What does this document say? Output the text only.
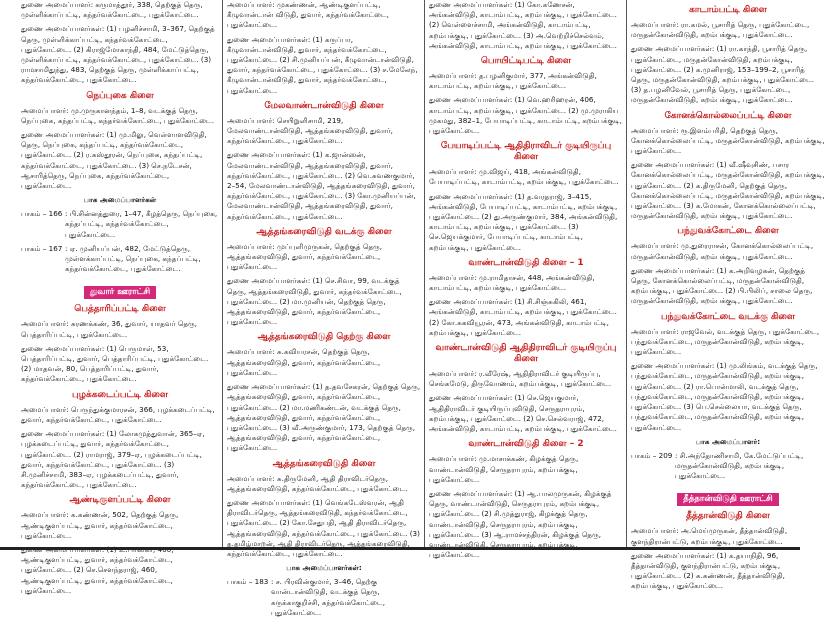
துணை அமைப்பாளர்: கருமாத்தூர், 338, தெற்குத் தெரு, முள்ளிக்காப்பட்டி, கந்தர்வக்கோட்டை, புதுக்கோட்டை.

துணை அமைப்பாளர்கள்: (1) பழனிச்சாமி, 3–367, தெற்குத் தெரு, முள்ளிக்காப்பட்டி, கந்தர்வக்கோட்டை, புதுக்கோட்டை. (2) கிராஜ்மோகாந்தி, 484, மேட்டுத்தெரு, முள்ளிக்காப்பட்டி, கந்தர்வக்கோட்டை, புதுக்கோட்டை. (3) ராமசாமிதுந்து, 483, தெற்குத் தெரு, முள்ளிக்காப்பட்டி, கந்தர்வக்கோட்டை, புதுக்கோட்டை.

நெப்புகை கிளை

அமைப்பாளர்: மு.முருகானந்தம், 1–8, வடக்குத் தெரு, நெப்புகை, கந்தப்பட்டி, கந்தர்வக்கோட்டை, புதுக்கோட்டை.

துணை அமைப்பாளர்கள்: (1) மு.மிலு, வெள்ளாளவிடுதி, தெரு, நெப்புகை, கந்தப்பட்டி, கந்தர்வக்கோட்டை, புதுக்கோட்டை. (2) ர.கஸ்தூரன், நெப்புகை, கந்தப்பட்டி, கந்தர்வக்கோட்டை, புதுக்கோட்டை. (3) செ.நடேசன், ஆசாரித்தெரு, நெப்புகை, கந்தர்வக்கோட்டை, புதுக்கோட்டை.

பாக அமைப்பாளர்கள்
பாகம் – 166 : பி.சின்னத்துரை, 1–47, கீழத்தெரு, நெப்புகை, கந்தப்பட்டி, கந்தர்வக்கோட்டை, புதுக்கோட்டை.
பாகம் – 167 : ஏ. முனியப்பன், 482, மேட்டுத்தெரு, முள்ளக்காப்பட்டி, நெப்புகை, கந்தப்பட்டி, கந்தர்வக்கோட்டை, புதுக்கோட்டை.
துவார் ஊராட்சி
பெத்தாரிப்பட்டி கிளை

அமைப்பாளர்: சுரணக்கண், 36, துவார், யாதவர் தெரு, பெத்தாரிப்பட்டி, புதுக்கோட்டை.

துணை அமைப்பாளர்கள்: (1) பெருமாள், 53, பெத்தாரிப்பட்டி, துவார், பெத்தாரிப்பட்டி, புதுக்கோட்டை. (2) மாதவன், 80, பெத்தாரிப்பட்டி, துவார், கந்தர்வக்கோட்டை, புதுக்கோட்டை.

புழக்கடைப்பட்டி கிளை

அமைப்பாளர்: பெருந்துக்குமாரசன், 366, புழக்கடைப்பட்டி, துவார், கந்தர்வக்கோட்டை, புதுக்கோட்டை.

துணை அமைப்பாளர்கள்: (1) லோகமுத்துவான், 365–ஏ, புழக்கடைப்பட்டி, துவார், கந்தர்வக்கோட்டை, புதுக்கோட்டை. (2) ராமராஜ், 379–ஏ, புழக்கடைப்பட்டி, துவார், கந்தர்வக்கோட்டை, புதுக்கோட்டை. (3) சி.முனிச்சாமி, 383–ஏ, புழக்கடைப்பட்டி, துவார், கந்தர்வக்கோட்டை, புதுக்கோட்டை.

ஆண்டிகுளப்பட்டி கிளை

அமைப்பாளர்: க.கண்ணன், 502, தெற்குத் தெரு, ஆண்டிகுளப்பட்டி, துவார், கந்தர்வக்கோட்டை, புதுக்கோட்டை.

துணை அமைப்பாளர்கள்: (1) உ.பாஸ்கர், 400, ஆண்டிகுளப்பட்டி, துவார், கந்தர்வக்கோட்டை, புதுக்கோட்டை. (2) செ.செளந்தராஜ், 460, ஆண்டிகுளப்பட்டி, துவார், கந்தர்வக்கோட்டை, புதுக்கோட்டை.

அமைப்பாளர்: முகண்ணன், ஆண்டிகுளப்பட்டி, கீழுவான்டான் விடுதி, துவார், கந்தர்வக்கோட்டை, புதுக்கோட்டை.

துணை அமைப்பாளர்கள்: (1) கருப்பா, கீழுவான்டான்விடுதி, துவார், கந்தர்வக்கோட்டை, புதுக்கோட்டை. (2) சி.முனியப்பன், கீழுவான்டான்விடுதி, துவார், கந்தர்வக்கோட்டை, புதுக்கோட்டை. (3) ச.மேலேந், கீழுவான்டான்விடுதி, துவார், கந்தர்வக்கோட்டை, புதுக்கோட்டை.

மேலவாண்டான்விடுதி கிளை

அமைப்பாளர்: செயிறுளிசாமி, 219, மேலவாண்டான்விடுதி, ஆத்தங்கரைவிடுதி, துவார், கந்தர்வக்கோட்டை, புதுக்கோட்டை.

துணை அமைப்பாளர்கள்: (1) க.ஜான்ஸன், மேலவாண்டான்விடுதி, ஆத்தங்கரைவிடுதி, துவார், கந்தர்வக்கோட்டை, புதுக்கோட்டை. (2) வெ.சுவணகுமார், 2–54, மேலவாண்டான்விடுதி, ஆத்தங்கரைவிடுதி, துவார், கந்தர்வக்கோட்டை, புதுக்கோட்டை. (3) கோ.முனியப்பன், மேலவாண்டான்விடுதி, ஆத்தங்கரைவிடுதி, துவார், கந்தர்வக்கோட்டை, புதுக்கோட்டை.

ஆத்தங்கரைவிடுதி வடக்கு கிளை

அமைப்பாளர்: முப்புளிமுருகன், தெற்குத் தெரு, ஆத்தங்கரைவிடுதி, துவார், கந்தர்வக்கோட்டை, புதுக்கோட்டை.

துணை அமைப்பாளர்கள்: (1) செ.சிவா, 99, வடக்குத் தெரு, ஆத்தங்கரைவிடுதி, துவார், கந்தர்வக்கோட்டை, புதுக்கோட்டை. (2) மா.முனியன், தெற்குத் தெரு, ஆத்தங்கரைவிடுதி, துவார், கந்தர்வக்கோட்டை, புதுக்கோட்டை.

ஆத்தங்கரைவிடுதி தெற்கு கிளை

அமைப்பாளர்: சு.கவியரசன், தெற்குத் தெரு, ஆத்தங்கரைவிடுதி, துவார், கந்தர்வக்கோட்டை, புதுக்கோட்டை.

துணை அமைப்பாளர்கள்: (1) த.தவசேகரன், தெற்குத் தெரு, ஆத்தங்கரைவிடுதி, துவார், கந்தர்வக்கோட்டை, புதுக்கோட்டை. (2) மா.மணிகண்டன், வடக்குத் தெரு, ஆத்தங்கரைவிடுதி, துவார், கந்தர்வக்கோட்டை, புதுக்கோட்டை. (3) வீ.அருண்குமார், 173, தெற்குத் தெரு, ஆத்தங்கரைவிடுதி, துவார், கந்தர்வக்கோட்டை, புதுக்கோட்டை.

ஆத்தங்கரைவிடுதி கிளை

அமைப்பாளர்: சு.திருமேனி, ஆதி திராவிடர்தெரு, ஆத்தங்கரைவிடுதி, கந்தர்வக்கோட்டை, புதுக்கோட்டை.

துணை அமைப்பாளர்கள்: (1) வெங்கடேஸ்வரன், ஆதி திராவிடர்தெரு, ஆத்தங்கரைவிடுதி, கந்தர்வக்கோட்டை, புதுக்கோட்டை. (2) கோ.சேதுபதி, ஆதி திராவிடர்தெரு, ஆத்தங்கரைவிடுதி, கந்தர்வக்கோட்டை, புதுக்கோட்டை. (3) த.தமிழ்மாறன், ஆதி திராவிடர்தெரு, ஆத்தங்கரைவிடுதி, கந்தர்வக்கோட்டை, புதுக்கோட்டை.

பாக அமைப்பாளர்கள்:
பாகம் – 183 : ச. பிரவின்குமார், 3–46, தெற்கு வான்டான்விடுதி, வடக்குத் தெரு, கருக்காகுறிச்சி, கந்தர்வக்கோட்டை, புதுக்கோட்டை.

துணை அமைப்பாளர்கள்: (1) கோ.கணேசன், அங்கன்விடுதி, காடாம்பட்டி, கறம்பக்குடி, புதுக்கோட்டை. (2) வெள்ளைச்சாமி, அங்கன்விடுதி, காடாம்பட்டி, கறம்பக்குடி, புதுக்கோட்டை. (3) அ.வெற்றிச்செல்வம், அங்கன்விடுதி, காடாம்பட்டி, கறம்பக்குடி, புதுக்கோட்டை.

பொயிட்டிபட்டி கிளை

அமைப்பாளர்: த.பழனிகுமார், 377, அங்கன்விடுதி, காடாம்பட்டி, கறம்பக்குடி, புதுக்கோட்டை.

துணை அமைப்பாளர்கள்: (1) வெ.ஹரிஹரன், 406, காடாம்பட்டி, கறம்பக்குடி, புதுக்கோட்டை. (2) மு.முராகிய முகமது, 382–1, பேயாடிப்பட்டி, காடாம்பட்டி, கறம்பக்குடி, புதுக்கோட்டை.

பேயாடிப்பட்டி ஆதிதிராவிடர் குடியிருப்பு கிளை

அமைப்பாளர்: மு.விஜய், 418, அங்கன்விடுதி, பேயாடிப்பட்டி, காடாம்பட்டி, கறம்பக்குடி, புதுக்கோட்டை.

துணை அமைப்பாளர்கள்: (1) த.வரதராஜ், 3–415, அங்கன்விடுதி, பேயாடிப்பட்டி, காடாம்பட்டி, கறம்பக்குடி, புதுக்கோட்டை. (2) து.அருண்குமார், 384, அங்கன்விடுதி, காடாம்பட்டி, கறம்பக்குடி, புதுக்கோட்டை. (3) செ.ஜெயக்குமார், பேயாடிப்பட்டி, காடாம்பட்டி, கறம்பக்குடி, புதுக்கோட்டை.

வாண்டான்விடுதி கிளை – 1

அமைப்பாளர்: மு.ராமிதாசன், 448, அங்கன்விடுதி, காடாம்பட்டி, கறம்பக்குடி, புதுக்கோட்டை.

துணை அமைப்பாளர்கள்: (1) சி.சிஞ்சுகிலி, 461, அங்கன்விடுதி, காடாம்பட்டி, கறம்பக்குடி, புதுக்கோட்டை. (2) கோ.சுகவியூரன், 473, அங்கன்விடுதி, காடாம்பட்டி, கறம்பக்குடி, புதுக்கோட்டை.

வாண்டான்விடுதி ஆதிதிராவிடர் குடியிருப்பு கிளை

அமைப்பாளர்: ர.வீரேஷ், ஆதிதிராவிடர் குடியிருப்பு, செங்கமேடு, திருவோணம், கறம்பக்குடி, புதுக்கோட்டை.

துணை அமைப்பாளர்கள்: (1) செ.ஜெயகுமார், ஆதிதிராவிடர் குடியிருப்புவிடுதி, செருதராபுரம், கறம்பக்குடி, புதுக்கோட்டை. (2) செ.செல்வராஜ், 472, அங்கன்விடுதி, காடாம்பட்டி, கறம்பக்குடி, புதுக்கோட்டை.

வாண்டான்விடுதி கிளை – 2

அமைப்பாளர்: மு.மாசாக்கண், கிழக்குத் தெரு, வாண்டான்விடுதி, செருதராபுரம், கறம்பக்குடி, புதுக்கோட்டை.

துணை அமைப்பாளர்கள்: (1) ஆ.பாலமுருகன், கிழக்குத் தெரு, வாண்டான்விடுதி, செருதராபுரம், கறம்பக்குடி, புதுக்கோட்டை. (2) சி.முத்துராஜ், கிழக்குத் தெரு, வாண்டான்விடுதி, செருதராபுரம், கறம்பக்குடி, புதுக்கோட்டை. (3) ஆ.ராமச்சந்திரன், கிழக்குத் தெரு, வாண்டான்விடுதி, செருதராபுரம், கறம்பக்குடி, புதுக்கோட்டை.

காடாம்பட்டி கிளை

அமைப்பாளர்: ரா.கமல், பூசாரித் தெரு, புதுக்கோட்டை, மருதன்கோன்விடுதி, கறம்பக்குடி, புதுக்கோட்டை.

துணை அமைப்பாளர்கள்: (1) ரா.காந்தி, பூசாரித் தெரு, புதுக்கோட்டை, மருதன்கோன்விடுதி, கறம்பக்குடி, புதுக்கோட்டை. (2) க.முனிராஜ், 153–199–2, பூசாரித் தெரு, மருதன்கோன்விடுதி, கறம்பக்குடி, புதுக்கோட்டை. (3) த.பழனிவேல், பூசாரித் தெரு, புதுக்கோட்டை, மருதன்கோன்விடுதி, கறம்பக்குடி, புதுக்கோட்டை.

கோனக்கொல்லைப்பட்டி கிளை

அமைப்பாளர்: ரூ.இளம்பரிதி, தெற்குத் தெரு, கோனக்கொல்லைப்பட்டி, மருதன்கோன்விடுதி, கறம்பக்குடி, புதுக்கோட்டை.

துணை அமைப்பாளர்கள்: (1) வீ.ஷீவுசிண், பசார கோனக்கொல்லைப்பட்டி, மருதன்கோன்விடுதி, கறம்பக்குடி, புதுக்கோட்டை. (2) க.திருமேனி, தெற்குத் தெரு, கோனக்கொல்லைப்பட்டி, மருதன்கோன்விடுதி, கறம்பக்குடி, புதுக்கோட்டை. (3) க.மோகன், கோனக்கொல்லைப்பட்டி, மருதன்கோன்விடுதி, கறம்பக்குடி, புதுக்கோட்டை.

பந்துவக்கோட்டை கிளை

அமைப்பாளர்: மு.துரைராசன், கோனக்கொல்லைப்பட்டி, மருதன்கோன்விடுதி, கறம்பக்குடி, புதுக்கோட்டை.

துணை அமைப்பாளர்கள்: (1) க.அறிவழகன், தெற்குத் தெரு, கோனக்கொல்லைப்பட்டி, மருதன்கோன்விடுதி, கறம்பக்குடி, புதுக்கோட்டை. (2) பி.பிலிப், சாலை தெரு, மருதன்கோன்விடுதி, கறம்பக்குடி, புதுக்கோட்டை.

பந்துவக்கோட்டை வடக்கு கிளை

அமைப்பாளர்: ராஜவேல், வடக்குத் தெரு, புதுக்கோட்டை, பந்துவக்கோட்டை, மருதன்கோன்விடுதி, கறம்பக்குடி, புதுக்கோட்டை.

துணை அமைப்பாளர்கள்: (1) மு.லிங்கம், வடக்குத் தெரு, பந்துவக்கோட்டை, மருதன்கோன்விடுதி, கறம்பக்குடி, புதுக்கோட்டை. (2) ரா.பொன்மாலி, வடக்குத் தெரு, பந்துவக்கோட்டை, மருதன்கோன்விடுதி, கறம்பக்குடி, புதுக்கோட்டை. (3) பெ.செல்லையா, வடக்குத் தெரு, பந்துவக்கோட்டை, மருதன்கோன்விடுதி, கறம்பக்குடி, புதுக்கோட்டை.

பாக அமைப்பாளர்:
பாகம் – 209 : சி.அந்தோணிசாமி, கே.மேட்டுப்பட்டி, மருதன்கோன்விடுதி, கறம்பக்குடி, புதுக்கோட்டை.
தீத்தான்விடுதி ஊராட்சி
தீத்தான்விடுதி கிளை

அமைப்பாளர்: அ.மெய்முருகன், தீத்தான்விடுதி, குளந்திரான்பட்டு, கறம்பக்குடி, புதுக்கோட்டை.

துணை அமைப்பாளர்கள்: (1) க.தயாநிதி, 96, தீத்தான்விடுதி, குளந்திரான்பட்டு, கறம்பக்குடி, புதுக்கோட்டை. (2) சு.கண்ணன், தீத்தான்விடுதி, கறம்பக்குடி, புதுக்கோட்டை.
